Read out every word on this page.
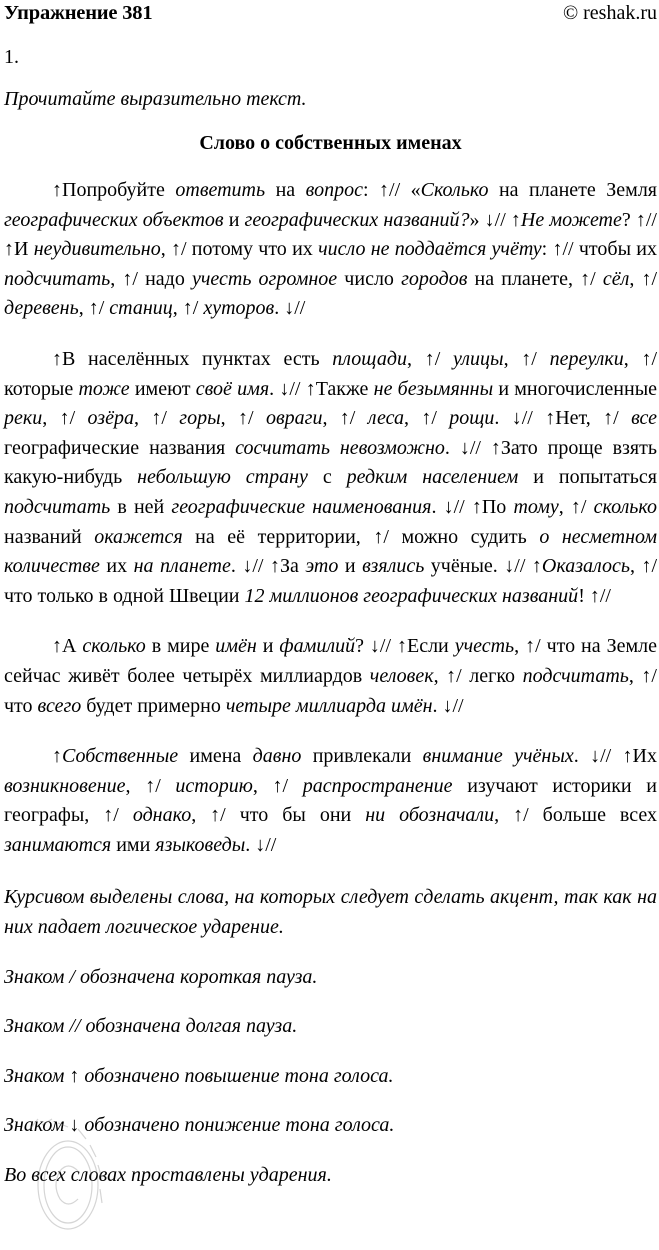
Упражнение 381	© reshak.ru
1.
Прочитайте выразительно текст.
Слово о собственных именах

↑Попробуйте ответить на вопрос: ↑// «Сколько на планете Земля географических объектов и географических названий?» ↓// ↑Не можете? ↑// ↑И неудивительно, ↑/ потому что их число не поддаётся учёту: ↑// чтобы их подсчитать, ↑/ надо учесть огромное число городов на планете, ↑/ сёл, ↑/ деревень, ↑/ станиц, ↑/ хуторов. ↓//

↑В населённых пунктах есть площади, ↑/ улицы, ↑/ переулки, ↑/ которые тоже имеют своё имя. ↓// ↑Также не безымянны и многочисленные реки, ↑/ озёра, ↑/ горы, ↑/ овраги, ↑/ леса, ↑/ рощи. ↓// ↑Нет, ↑/ все географические названия сосчитать невозможно. ↓// ↑Зато проще взять какую-нибудь небольшую страну с редким населением и попытаться подсчитать в ней географические наименования. ↓// ↑По тому, ↑/ сколько названий окажется на её территории, ↑/ можно судить о несметном количестве их на планете. ↓// ↑За это и взялись учёные. ↓// ↑Оказалось, ↑/ что только в одной Швеции 12 миллионов географических названий! ↑//

↑А сколько в мире имён и фамилий? ↓// ↑Если учесть, ↑/ что на Земле сейчас живёт более четырёх миллиардов человек, ↑/ легко подсчитать, ↑/ что всего будет примерно четыре миллиарда имён. ↓//

↑Собственные имена давно привлекали внимание учёных. ↓// ↑Их возникновение, ↑/ историю, ↑/ распространение изучают историки и географы, ↑/ однако, ↑/ что бы они ни обозначали, ↑/ больше всех занимаются ими языковеды. ↓//

Курсивом выделены слова, на которых следует сделать акцент, так как на них падает логическое ударение.

Знаком / обозначена короткая пауза.

Знаком // обозначена долгая пауза.

Знаком ↑ обозначено повышение тона голоса.

Знаком ↓ обозначено понижение тона голоса.

Во всех словах проставлены ударения.
